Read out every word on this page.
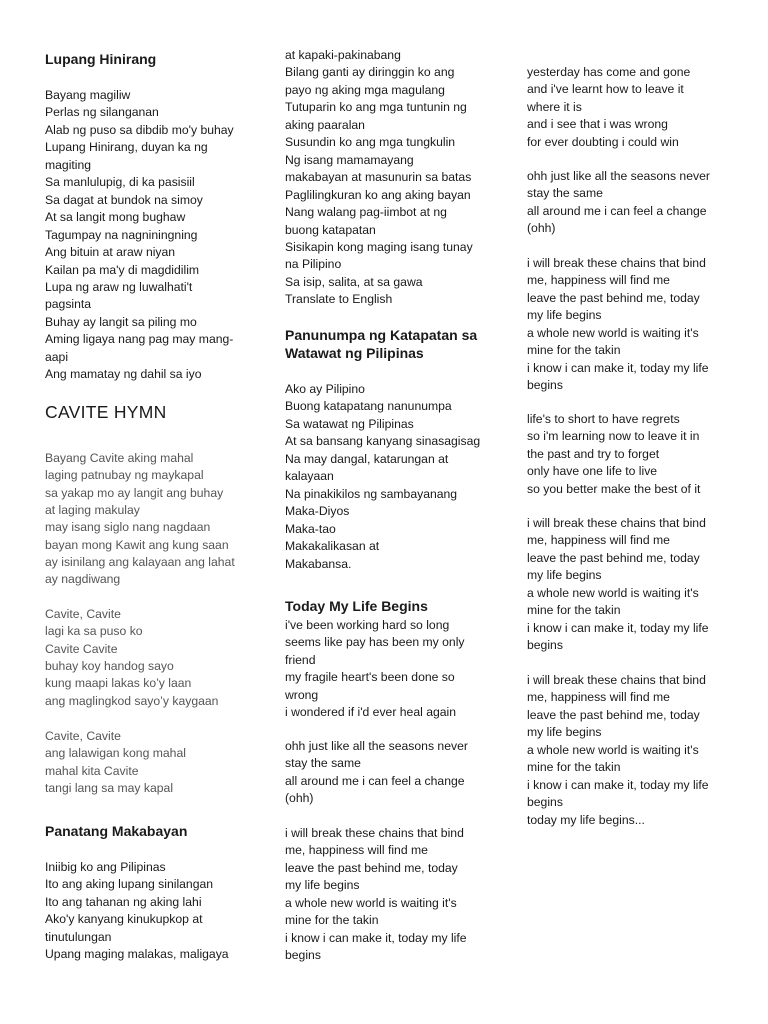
Lupang Hinirang
Bayang magiliw
Perlas ng silanganan
Alab ng puso sa dibdib mo'y buhay
Lupang Hinirang, duyan ka ng
magiting
Sa manlulupig, di ka pasisiil
Sa dagat at bundok na simoy
At sa langit mong bughaw
Tagumpay na nagniningning
Ang bituin at araw niyan
Kailan pa ma'y di magdidilim
Lupa ng araw ng luwalhati't
pagsinta
Buhay ay langit sa piling mo
Aming ligaya nang pag may mang-
aapi
Ang mamatay ng dahil sa iyo
CAVITE HYMN
Bayang Cavite aking mahal
laging patnubay ng maykapal
sa yakap mo ay langit ang buhay
at laging makulay
may isang siglo nang nagdaan
bayan mong Kawit ang kung saan
ay isinilang ang kalayaan ang lahat
ay nagdiwang
Cavite, Cavite
lagi ka sa puso ko
Cavite Cavite
buhay koy handog sayo
kung maapi lakas ko’y laan
ang maglingkod sayo’y kaygaan
Cavite, Cavite
ang lalawigan kong mahal
mahal kita Cavite
tangi lang sa may kapal
Panatang Makabayan
Iniibig ko ang Pilipinas
Ito ang aking lupang sinilangan
Ito ang tahanan ng aking lahi
Ako'y kanyang kinukupkop at
tinutulungan
Upang maging malakas, maligaya
at kapaki-pakinabang
Bilang ganti ay diringgin ko ang
payo ng aking mga magulang
Tutuparin ko ang mga tuntunin ng
aking paaralan
Susundin ko ang mga tungkulin
Ng isang mamamayang
makabayan at masunurin sa batas
Paglilingkuran ko ang aking bayan
Nang walang pag-iimbot at ng
buong katapatan
Sisikapin kong maging isang tunay
na Pilipino
Sa isip, salita, at sa gawa
Translate to English
Panunumpa ng Katapatan sa
Watawat ng Pilipinas
Ako ay Pilipino
Buong katapatang nanunumpa
Sa watawat ng Pilipinas
At sa bansang kanyang sinasagisag
Na may dangal, katarungan at
kalayaan
Na pinakikilos ng sambayanang
Maka-Diyos
Maka-tao
Makakalikasan at
Makabansa.
Today My Life Begins
i've been working hard so long
seems like pay has been my only
friend
my fragile heart's been done so
wrong
i wondered if i'd ever heal again
ohh just like all the seasons never
stay the same
all around me i can feel a change
(ohh)
i will break these chains that bind
me, happiness will find me
leave the past behind me, today
my life begins
a whole new world is waiting it's
mine for the takin
i know i can make it, today my life
begins
yesterday has come and gone
and i've learnt how to leave it
where it is
and i see that i was wrong
for ever doubting i could win
ohh just like all the seasons never
stay the same
all around me i can feel a change
(ohh)
i will break these chains that bind
me, happiness will find me
leave the past behind me, today
my life begins
a whole new world is waiting it's
mine for the takin
i know i can make it, today my life
begins
life's to short to have regrets
so i'm learning now to leave it in
the past and try to forget
only have one life to live
so you better make the best of it
i will break these chains that bind
me, happiness will find me
leave the past behind me, today
my life begins
a whole new world is waiting it's
mine for the takin
i know i can make it, today my life
begins
i will break these chains that bind
me, happiness will find me
leave the past behind me, today
my life begins
a whole new world is waiting it's
mine for the takin
i know i can make it, today my life
begins
today my life begins...
